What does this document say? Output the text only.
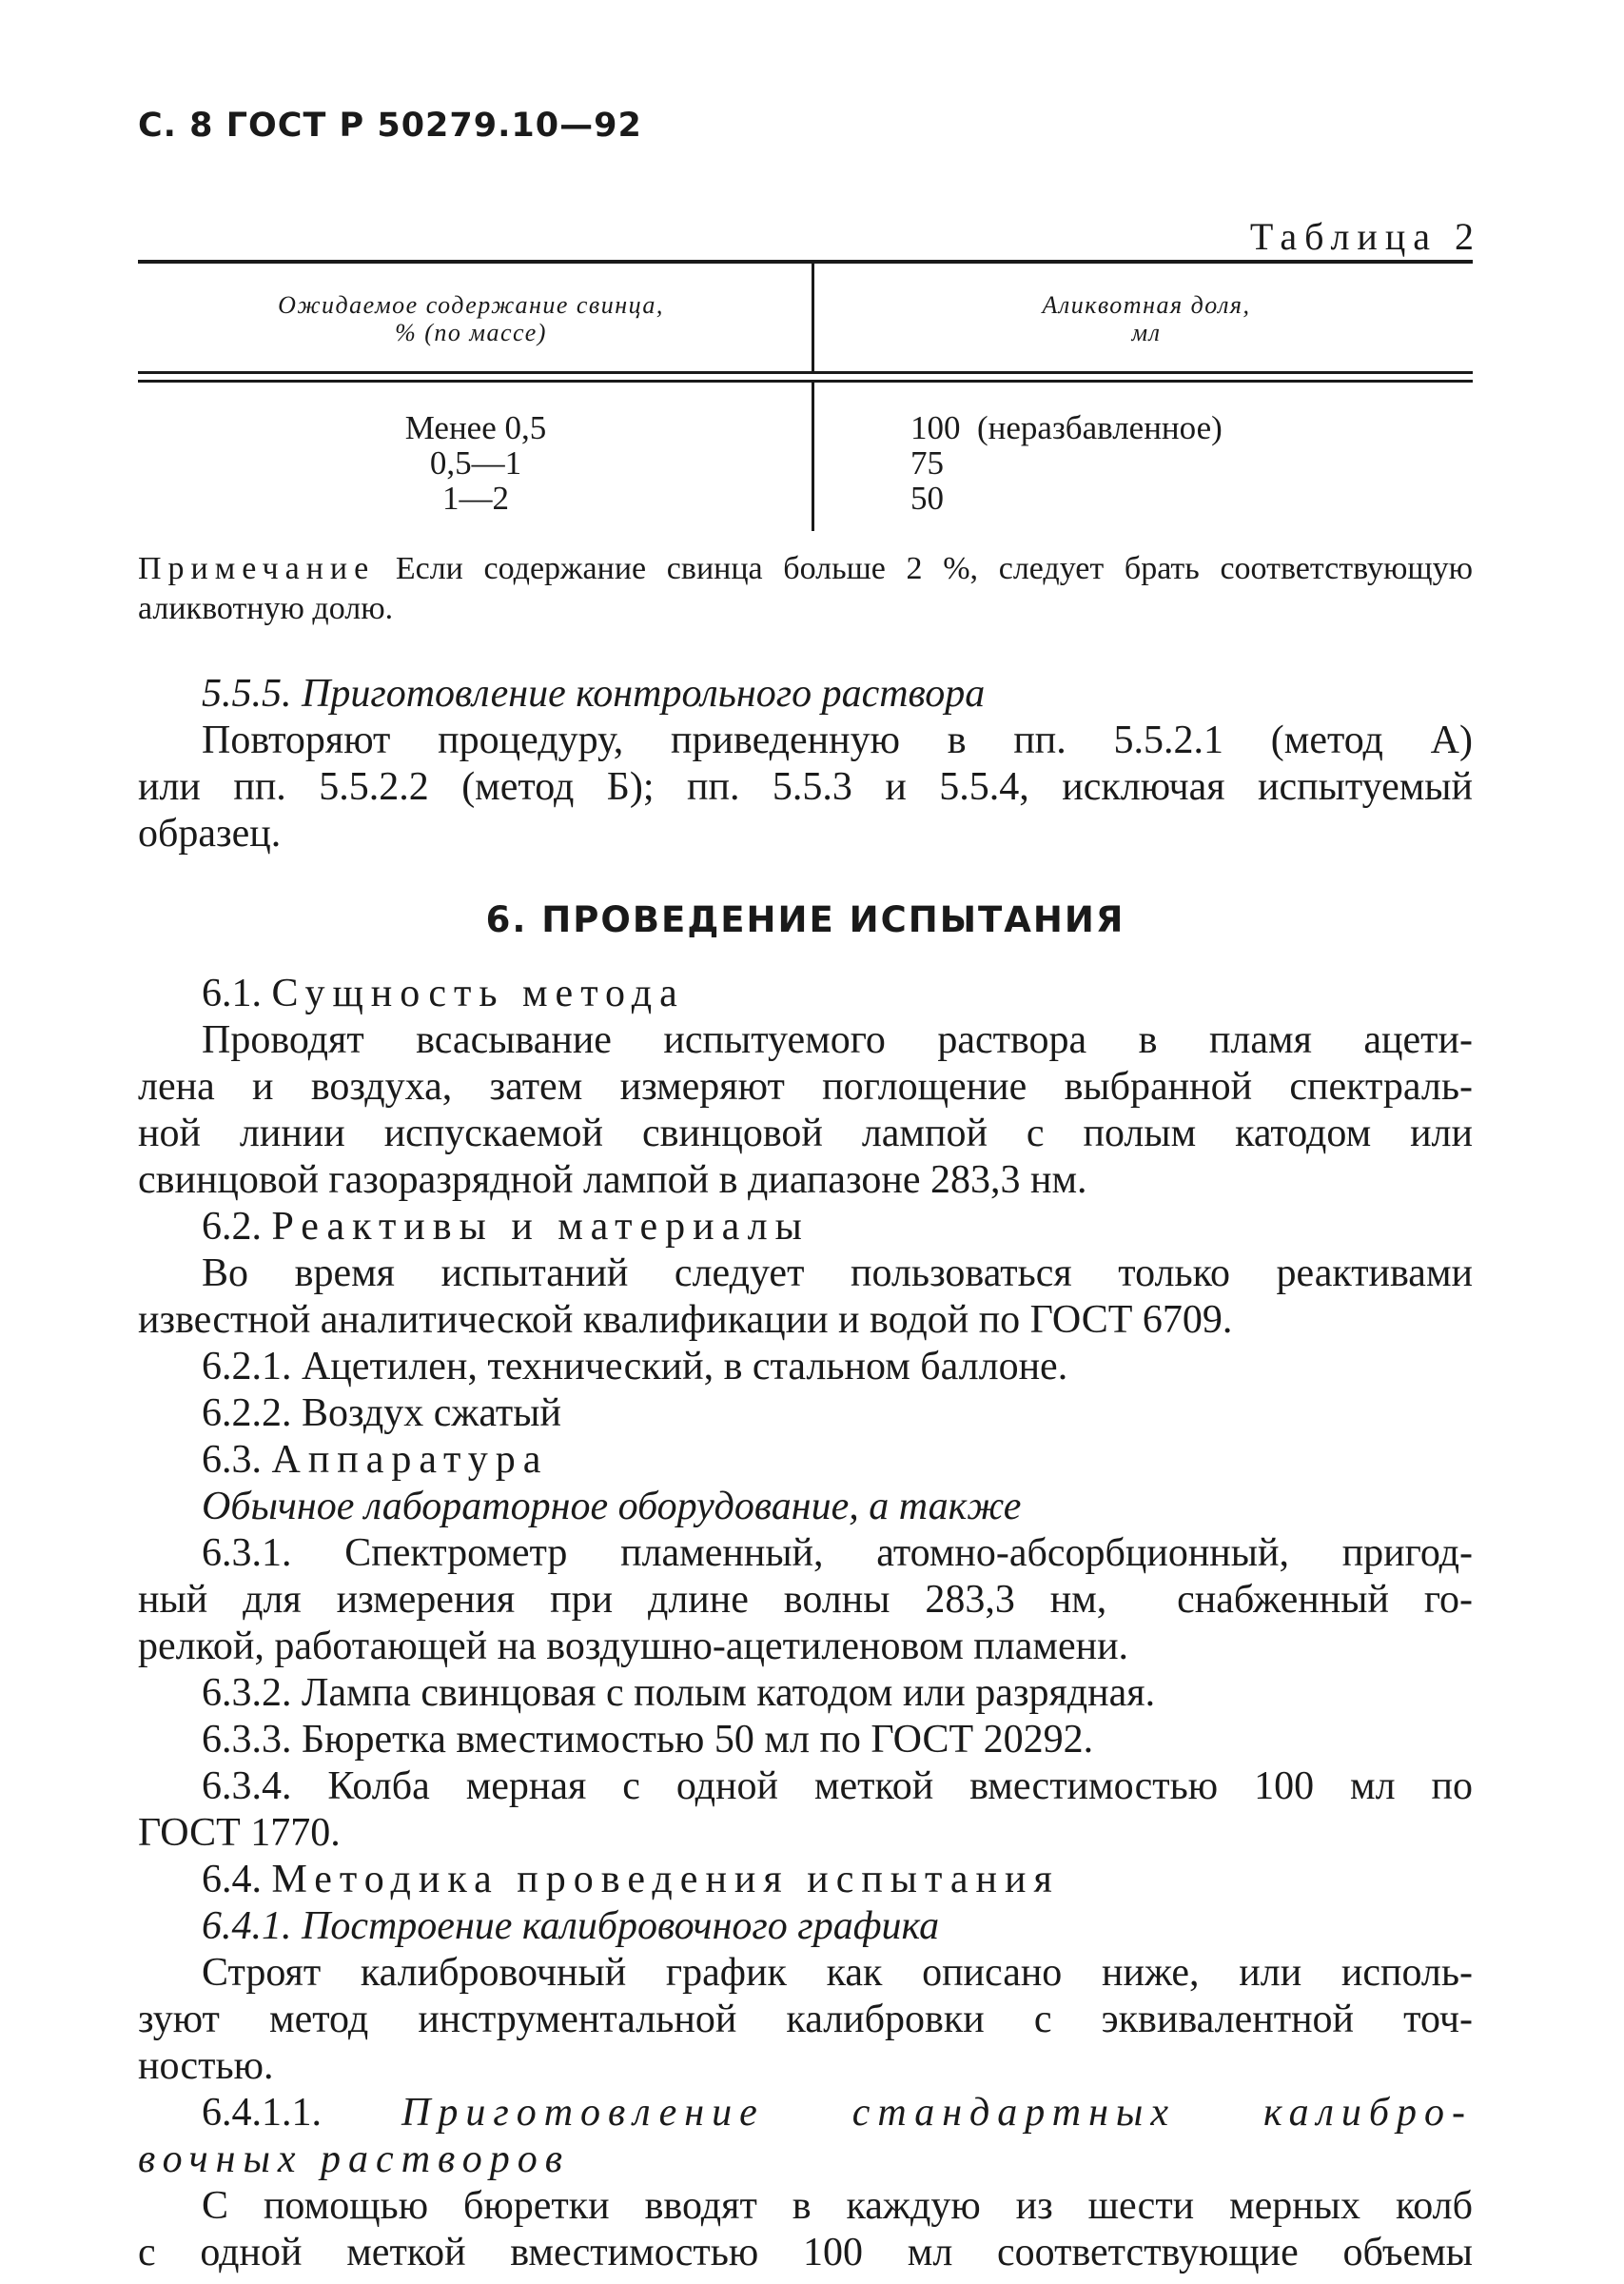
С. 8 ГОСТ Р 50279.10—92
Таблица 2
Ожидаемое содержание свинца,
% (по массе)
Аликвотная доля,
мл
Менее 0,5
0,5—1
1—2
100  (неразбавленное)
75
50
Примечание Если содержание свинца больше 2 %, следует брать соответствующую аликвотную долю.
5.5.5. Приготовление контрольного раствора
Повторяют процедуру, приведенную в пп. 5.5.2.1 (метод А)
или пп. 5.5.2.2 (метод Б); пп. 5.5.3 и 5.5.4, исключая испытуемый
образец.
6. ПРОВЕДЕНИЕ ИСПЫТАНИЯ
6.1. Сущность метода
Проводят всасывание испытуемого раствора в пламя ацети-
лена и воздуха, затем измеряют поглощение выбранной спектраль-
ной линии испускаемой свинцовой лампой с полым катодом или
свинцовой газоразрядной лампой в диапазоне 283,3 нм.
6.2. Реактивы и материалы
Во время испытаний следует пользоваться только реактивами
известной аналитической квалификации и водой по ГОСТ 6709.
6.2.1. Ацетилен, технический, в стальном баллоне.
6.2.2. Воздух сжатый
6.3. Аппаратура
Обычное лабораторное оборудование, а также
6.3.1. Спектрометр пламенный, атомно-абсорбционный, пригод-
ный для измерения при длине волны 283,3 нм,  снабженный го-
релкой, работающей на воздушно-ацетиленовом пламени.
6.3.2. Лампа свинцовая с полым катодом или разрядная.
6.3.3. Бюретка вместимостью 50 мл по ГОСТ 20292.
6.3.4. Колба мерная с одной меткой вместимостью 100 мл по
ГОСТ 1770.
6.4. Методика проведения испытания
6.4.1. Построение калибровочного графика
Строят калибровочный график как описано ниже, или исполь-
зуют метод инструментальной калибровки с эквивалентной точ-
ностью.
6.4.1.1. Приготовление стандартных калибро-
вочных растворов
С помощью бюретки вводят в каждую из шести мерных колб
с одной меткой вместимостью 100 мл соответствующие объемы
